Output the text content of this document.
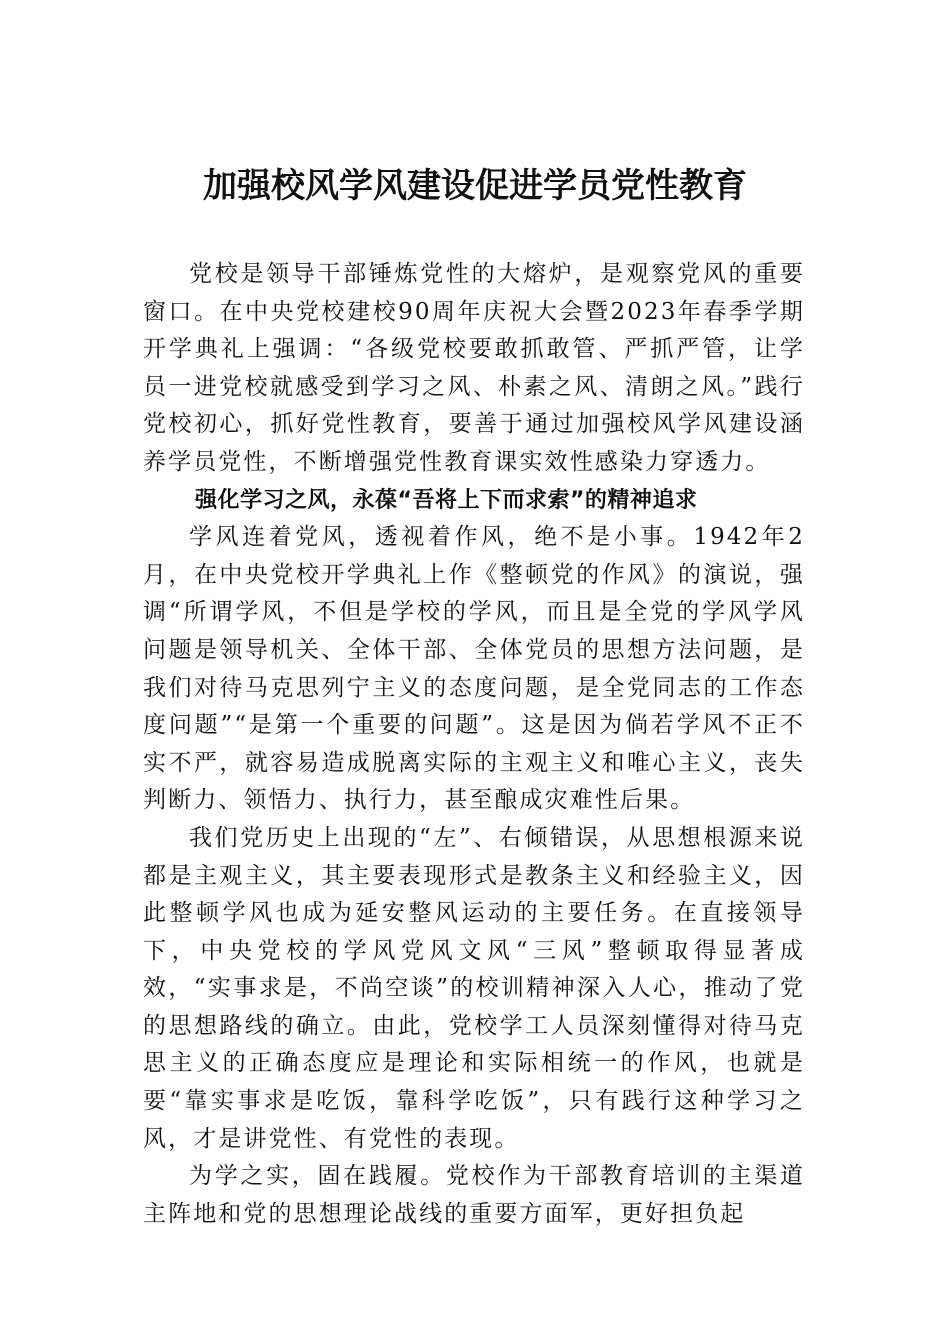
加强校风学风建设促进学员党性教育

党校是领导干部锤炼党性的大熔炉，是观察党风的重要窗口。在中央党校建校90周年庆祝大会暨2023年春季学期开学典礼上强调：“各级党校要敢抓敢管、严抓严管，让学员一进党校就感受到学习之风、朴素之风、清朗之风。”践行党校初心，抓好党性教育，要善于通过加强校风学风建设涵养学员党性，不断增强党性教育课实效性感染力穿透力。

强化学习之风，永葆“吾将上下而求索”的精神追求

学风连着党风，透视着作风，绝不是小事。1942年2月，在中央党校开学典礼上作《整顿党的作风》的演说，强调“所谓学风，不但是学校的学风，而且是全党的学风学风问题是领导机关、全体干部、全体党员的思想方法问题，是我们对待马克思列宁主义的态度问题，是全党同志的工作态度问题”“是第一个重要的问题”。这是因为倘若学风不正不实不严，就容易造成脱离实际的主观主义和唯心主义，丧失判断力、领悟力、执行力，甚至酿成灾难性后果。

我们党历史上出现的“左”、右倾错误，从思想根源来说都是主观主义，其主要表现形式是教条主义和经验主义，因此整顿学风也成为延安整风运动的主要任务。在直接领导下，中央党校的学风党风文风“三风”整顿取得显著成效，“实事求是，不尚空谈”的校训精神深入人心，推动了党的思想路线的确立。由此，党校学工人员深刻懂得对待马克思主义的正确态度应是理论和实际相统一的作风，也就是要“靠实事求是吃饭，靠科学吃饭”，只有践行这种学习之风，才是讲党性、有党性的表现。

为学之实，固在践履。党校作为干部教育培训的主渠道主阵地和党的思想理论战线的重要方面军，更好担负起
